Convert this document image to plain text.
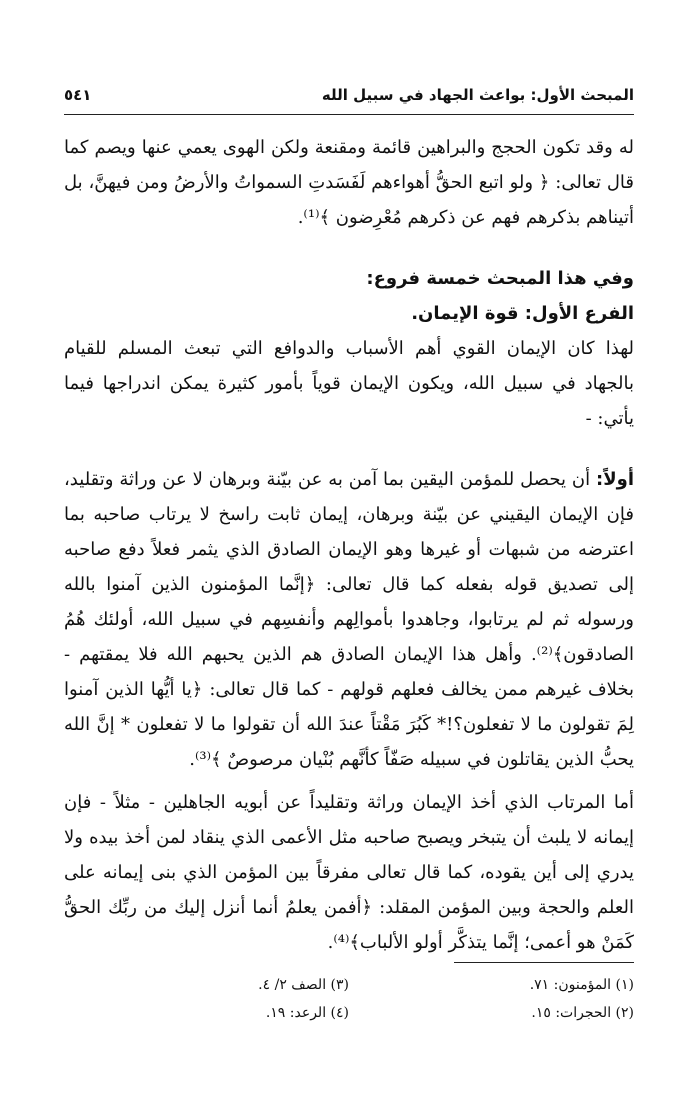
المبحث الأول: بواعث الجهاد في سبيل الله
٥٤١

له وقد تكون الحجج والبراهين قائمة ومقنعة ولكن الهوى يعمي عنها ويصم كما قال تعالى: ﴿ ولو اتبع الحقُّ أهواءهم لَفَسَدتِ السمواتُ والأرضُ ومن فيهنَّ، بل أتيناهم بذكرهم فهم عن ذكرهم مُعْرِضون ﴾⁽¹⁾.

وفي هذا المبحث خمسة فروع:

الفرع الأول: قوة الإيمان.

لهذا كان الإيمان القوي أهم الأسباب والدوافع التي تبعث المسلم للقيام بالجهاد في سبيل الله، ويكون الإيمان قوياً بأمور كثيرة يمكن اندراجها فيما يأتي: -

أولاً: أن يحصل للمؤمن اليقين بما آمن به عن بيّنة وبرهان لا عن وراثة وتقليد، فإن الإيمان اليقيني عن بيّنة وبرهان، إيمان ثابت راسخ لا يرتاب صاحبه بما اعترضه من شبهات أو غيرها وهو الإيمان الصادق الذي يثمر فعلاً دفع صاحبه إلى تصديق قوله بفعله كما قال تعالى: ﴿إنَّما المؤمنون الذين آمنوا بالله ورسوله ثم لم يرتابوا، وجاهدوا بأموالِهم وأنفسِهم في سبيل الله، أولئك هُمُ الصادقون﴾⁽²⁾. وأهل هذا الإيمان الصادق هم الذين يحبهم الله فلا يمقتهم - بخلاف غيرهم ممن يخالف فعلهم قولهم - كما قال تعالى: ﴿يا أيُّها الذين آمنوا لِمَ تقولون ما لا تفعلون؟!* كَبُرَ مَقْتاً عندَ الله أن تقولوا ما لا تفعلون * إنَّ الله يحبُّ الذين يقاتلون في سبيله صَفّاً كأنَّهم بُنْيان مرصوصٌ ﴾⁽³⁾.

أما المرتاب الذي أخذ الإيمان وراثة وتقليداً عن أبويه الجاهلين - مثلاً - فإن إيمانه لا يلبث أن يتبخر ويصبح صاحبه مثل الأعمى الذي ينقاد لمن أخذ بيده ولا يدري إلى أين يقوده، كما قال تعالى مفرقاً بين المؤمن الذي بنى إيمانه على العلم والحجة وبين المؤمن المقلد: ﴿أفمن يعلمُ أنما أنزل إليك من ربِّك الحقُّ كَمَنْ هو أعمى؛ إنَّما يتذكَّر أولو الألباب﴾⁽⁴⁾.

(١) المؤمنون: ٧١.
(٣) الصف ٢/ ٤.
(٢) الحجرات: ١٥.
(٤) الرعد: ١٩.
